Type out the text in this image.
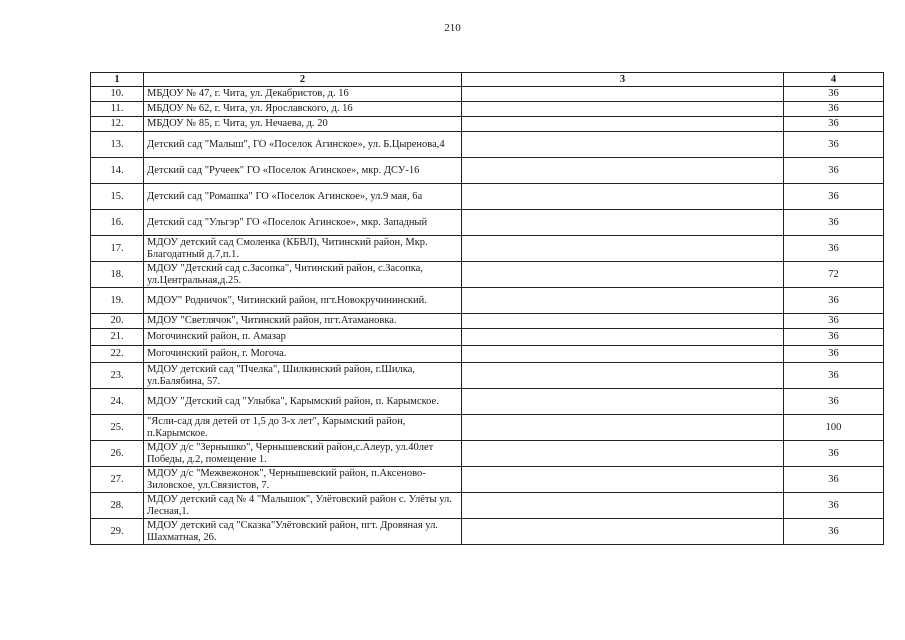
210
1	2	3	4
10.	МБДОУ № 47, г. Чита, ул. Декабристов, д. 16		36
11.	МБДОУ № 62, г. Чита, ул. Ярославского, д. 16		36
12.	МБДОУ № 85, г. Чита, ул. Нечаева, д. 20		36
13.	Детский сад "Малыш", ГО «Поселок Агинское», ул. Б.Цыренова,4		36
14.	Детский сад "Ручеек" ГО «Поселок Агинское», мкр. ДСУ-16		36
15.	Детский сад "Ромашка" ГО «Поселок Агинское», ул.9 мая, 6а		36
16.	Детский сад "Ульгэр" ГО «Поселок Агинское», мкр. Западный		36
17.	МДОУ детский сад Смоленка (КБВЛ), Читинский район, Мкр. Благодатный д.7,п.1.		36
18.	МДОУ "Детский сад с.Засопка", Читинский район, с.Засопка, ул.Центральная,д.25.		72
19.	МДОУ" Родничок", Читинский район, пгт.Новокручининский.		36
20.	МДОУ "Светлячок", Читинский район, пгт.Атамановка.		36
21.	Могочинский район, п. Амазар		36
22.	Могочинский район, г. Могоча.		36
23.	МДОУ детский сад "Пчелка", Шилкинский район, г.Шилка, ул.Балябина, 57.		36
24.	МДОУ "Детский сад "Улыбка", Карымский район, п. Карымское.		36
25.	"Ясли-сад для детей от 1,5 до 3-х лет", Карымский район, п.Карымское.		100
26.	МДОУ д/с "Зернышко", Чернышевский район,с.Алеур, ул.40лет Победы, д.2, помещение 1.		36
27.	МДОУ д/с "Межвежонок", Чернышевский район, п.Аксеново-Зиловское, ул.Связистов, 7.		36
28.	МДОУ детский сад № 4 "Малышок", Улётовский район с. Улёты ул. Лесная,1.		36
29.	МДОУ детский сад "Сказка"Улётовский район, пгт. Дровяная ул. Шахматная, 26.		36
